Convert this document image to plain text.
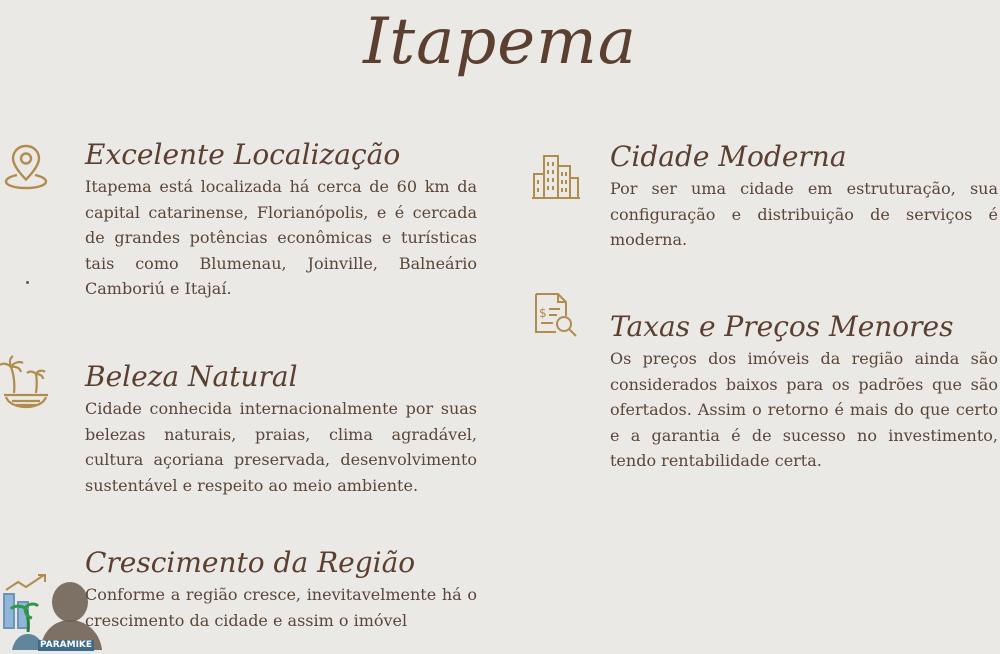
Itapema
Excelente Localização
Itapema está localizada há cerca de 60 km da capital catarinense, Florianópolis, e é cercada de grandes potências econômicas e turísticas tais como Blumenau, Joinville, Balneário Camboriú e Itajaí.
Beleza Natural
Cidade conhecida internacionalmente por suas belezas naturais, praias, clima agradável, cultura açoriana preservada, desenvolvimento sustentável e respeito ao meio ambiente.
PARAMIKE
Crescimento da Região
Conforme a região cresce, inevitavelmente há o crescimento da cidade e assim o imóvel
Cidade Moderna
Por ser uma cidade em estruturação, sua configuração e distribuição de serviços é moderna.
$ Taxas e Preços Menores
Os preços dos imóveis da região ainda são considerados baixos para os padrões que são ofertados. Assim o retorno é mais do que certo e a garantia é de sucesso no investimento, tendo rentabilidade certa.
